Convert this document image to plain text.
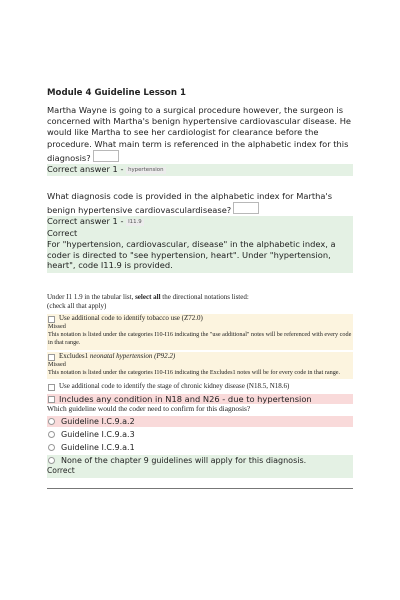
Module 4 Guideline Lesson 1
Martha Wayne is going to a surgical procedure however, the surgeon is concerned with Martha's benign hypertensive cardiovascular disease. He would like Martha to see her cardiologist for clearance before the procedure. What main term is referenced in the alphabetic index for this diagnosis?
Correct answer 1 - hypertension
What diagnosis code is provided in the alphabetic index for Martha's benign hypertensive cardiovasculardisease?
Correct answer 1 - I11.9
Correct
For "hypertension, cardiovascular, disease" in the alphabetic index, a coder is directed to "see hypertension, heart". Under "hypertension, heart", code I11.9 is provided.
Under I1 1.9 in the tabular list, select all the directional notations listed:
(check all that apply)
Use additional code to identify tobacco use (Z72.0)
Missed
This notation is listed under the categories I10-I16 indicating the "use additional" notes will be referenced with every code in that range.
Excludes1 neonatal hypertension (P92.2)
Missed
This notation is listed under the categories I10-I16 indicating the Excludes1 notes will be for every code in that range.
Use additional code to identify the stage of chronic kidney disease (N18.5, N18.6)
Includes any condition in N18 and N26 - due to hypertension
Which guideline would the coder need to confirm for this diagnosis?
Guideline I.C.9.a.2
Guideline I.C.9.a.3
Guideline I.C.9.a.1
None of the chapter 9 guidelines will apply for this diagnosis.
Correct
